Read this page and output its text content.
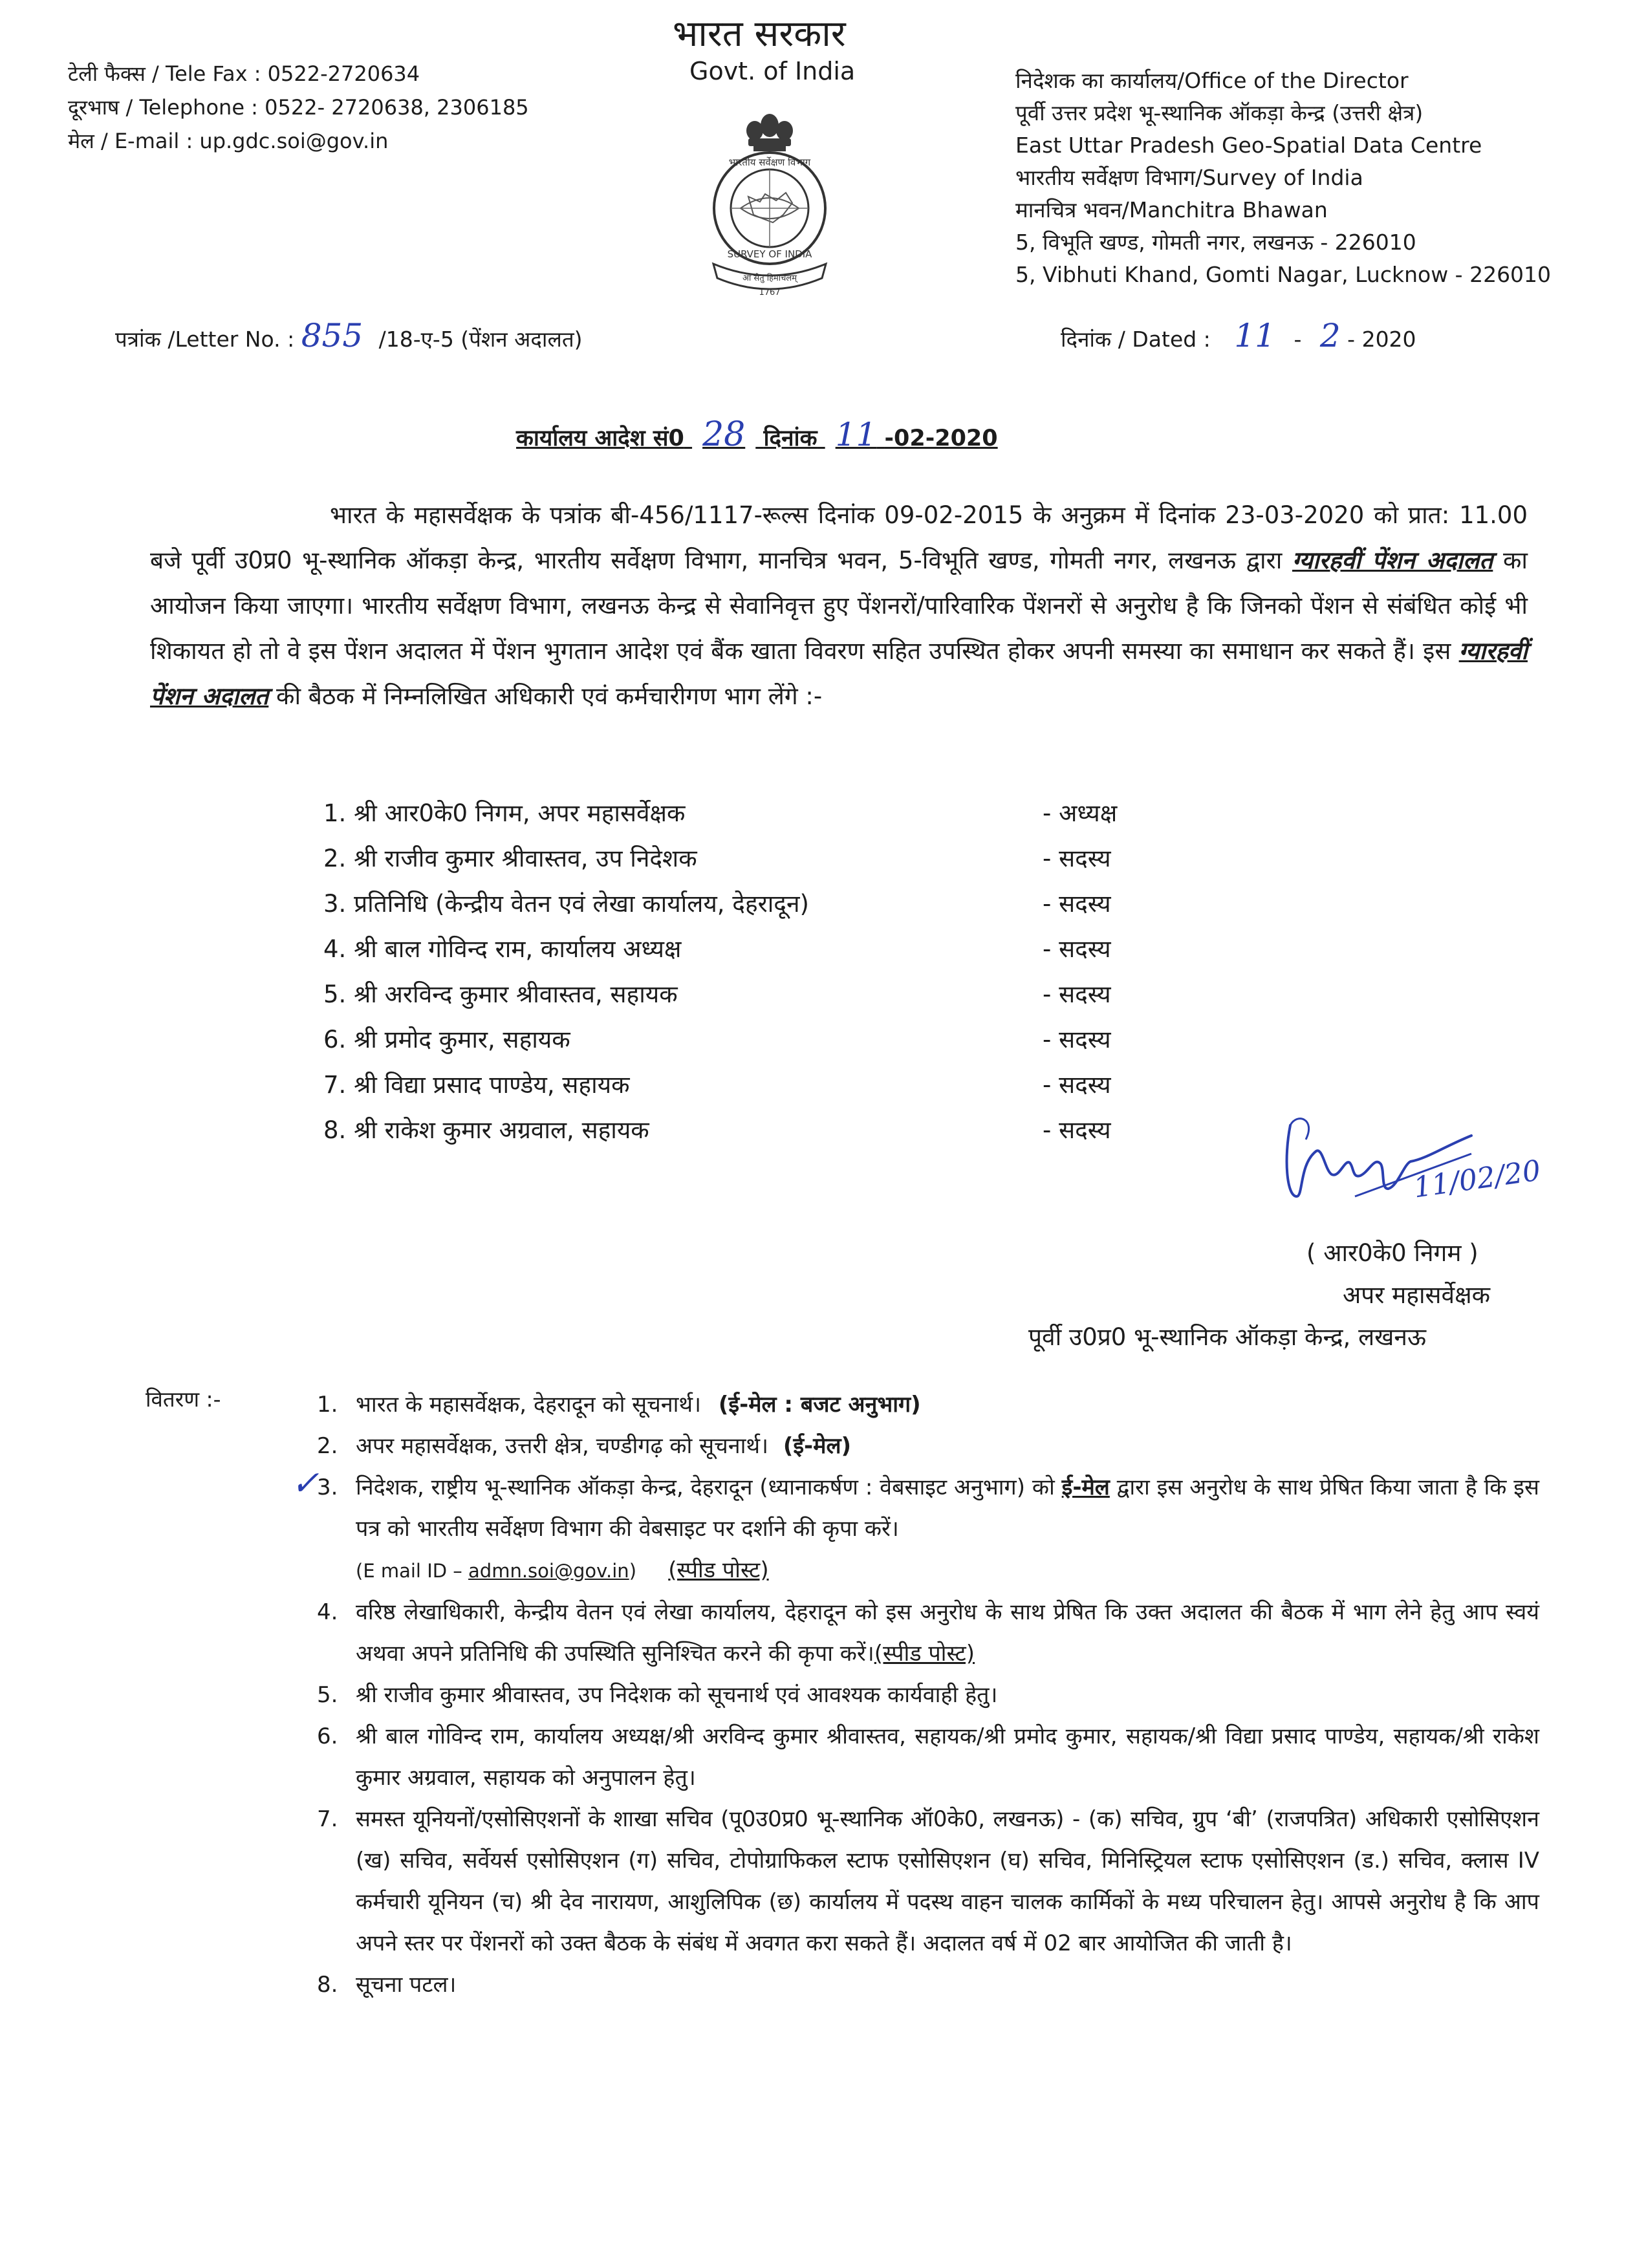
टेली फैक्स / Tele Fax : 0522-2720634
दूरभाष / Telephone : 0522- 2720638, 2306185
मेल / E-mail : up.gdc.soi@gov.in
भारत सरकार
Govt. of India
भारतीय सर्वेक्षण विभाग
SURVEY OF INDIA
आ सेतु हिमाचलम्
1767
निदेशक का कार्यालय/Office of the Director
पूर्वी उत्तर प्रदेश भू-स्थानिक ऑकड़ा केन्द्र (उत्तरी क्षेत्र)
East Uttar Pradesh Geo-Spatial Data Centre
भारतीय सर्वेक्षण विभाग/Survey of India
मानचित्र भवन/Manchitra Bhawan
5, विभूति खण्ड, गोमती नगर, लखनऊ - 226010
5, Vibhuti Khand, Gomti Nagar, Lucknow - 226010
पत्रांक /Letter No. : 855 /18-ए-5 (पेंशन अदालत)	दिनांक / Dated : 11 - 2 - 2020
कार्यालय आदेश सं0 28 दिनांक 11 -02-2020
भारत के महासर्वेक्षक के पत्रांक बी-456/1117-रूल्स दिनांक 09-02-2015 के अनुक्रम में दिनांक 23-03-2020 को प्रात: 11.00 बजे पूर्वी उ0प्र0 भू-स्थानिक ऑकड़ा केन्द्र, भारतीय सर्वेक्षण विभाग, मानचित्र भवन, 5-विभूति खण्ड, गोमती नगर, लखनऊ द्वारा ग्यारहवीं पेंशन अदालत का आयोजन किया जाएगा। भारतीय सर्वेक्षण विभाग, लखनऊ केन्द्र से सेवानिवृत्त हुए पेंशनरों/पारिवारिक पेंशनरों से अनुरोध है कि जिनको पेंशन से संबंधित कोई भी शिकायत हो तो वे इस पेंशन अदालत में पेंशन भुगतान आदेश एवं बैंक खाता विवरण सहित उपस्थित होकर अपनी समस्या का समाधान कर सकते हैं। इस ग्यारहवीं पेंशन अदालत की बैठक में निम्नलिखित अधिकारी एवं कर्मचारीगण भाग लेंगे :-
1. श्री आर0के0 निगम, अपर महासर्वेक्षक	- अध्यक्ष
2. श्री राजीव कुमार श्रीवास्तव, उप निदेशक	- सदस्य
3. प्रतिनिधि (केन्द्रीय वेतन एवं लेखा कार्यालय, देहरादून)	- सदस्य
4. श्री बाल गोविन्द राम, कार्यालय अध्यक्ष	- सदस्य
5. श्री अरविन्द कुमार श्रीवास्तव, सहायक	- सदस्य
6. श्री प्रमोद कुमार, सहायक	- सदस्य
7. श्री विद्या प्रसाद पाण्डेय, सहायक	- सदस्य
8. श्री राकेश कुमार अग्रवाल, सहायक	- सदस्य
11/02/20
( आर0के0 निगम )
अपर महासर्वेक्षक
पूर्वी उ0प्र0 भू-स्थानिक ऑकड़ा केन्द्र, लखनऊ
वितरण :-	1. भारत के महासर्वेक्षक, देहरादून को सूचनार्थ। (ई-मेल : बजट अनुभाग)
2. अपर महासर्वेक्षक, उत्तरी क्षेत्र, चण्डीगढ़ को सूचनार्थ। (ई-मेल)
✓
3. निदेशक, राष्ट्रीय भू-स्थानिक ऑकड़ा केन्द्र, देहरादून (ध्यानाकर्षण : वेबसाइट अनुभाग) को ई-मेल द्वारा इस अनुरोध के साथ प्रेषित किया जाता है कि इस पत्र को भारतीय सर्वेक्षण विभाग की वेबसाइट पर दर्शाने की कृपा करें।
(E mail ID – admn.soi@gov.in) (स्पीड पोस्ट)
4. वरिष्ठ लेखाधिकारी, केन्द्रीय वेतन एवं लेखा कार्यालय, देहरादून को इस अनुरोध के साथ प्रेषित कि उक्त अदालत की बैठक में भाग लेने हेतु आप स्वयं अथवा अपने प्रतिनिधि की उपस्थिति सुनिश्चित करने की कृपा करें।(स्पीड पोस्ट)
5. श्री राजीव कुमार श्रीवास्तव, उप निदेशक को सूचनार्थ एवं आवश्यक कार्यवाही हेतु।
6. श्री बाल गोविन्द राम, कार्यालय अध्यक्ष/श्री अरविन्द कुमार श्रीवास्तव, सहायक/श्री प्रमोद कुमार, सहायक/श्री विद्या प्रसाद पाण्डेय, सहायक/श्री राकेश कुमार अग्रवाल, सहायक को अनुपालन हेतु।
7. समस्त यूनियनों/एसोसिएशनों के शाखा सचिव (पू0उ0प्र0 भू-स्थानिक ऑ0के0, लखनऊ) - (क) सचिव, ग्रुप ‘बी’ (राजपत्रित) अधिकारी एसोसिएशन (ख) सचिव, सर्वेयर्स एसोसिएशन (ग) सचिव, टोपोग्राफिकल स्टाफ एसोसिएशन (घ) सचिव, मिनिस्ट्रियल स्टाफ एसोसिएशन (ड.) सचिव, क्लास IV कर्मचारी यूनियन (च) श्री देव नारायण, आशुलिपिक (छ) कार्यालय में पदस्थ वाहन चालक कार्मिकों के मध्य परिचालन हेतु। आपसे अनुरोध है कि आप अपने स्तर पर पेंशनरों को उक्त बैठक के संबंध में अवगत करा सकते हैं। अदालत वर्ष में 02 बार आयोजित की जाती है।
8. सूचना पटल।
